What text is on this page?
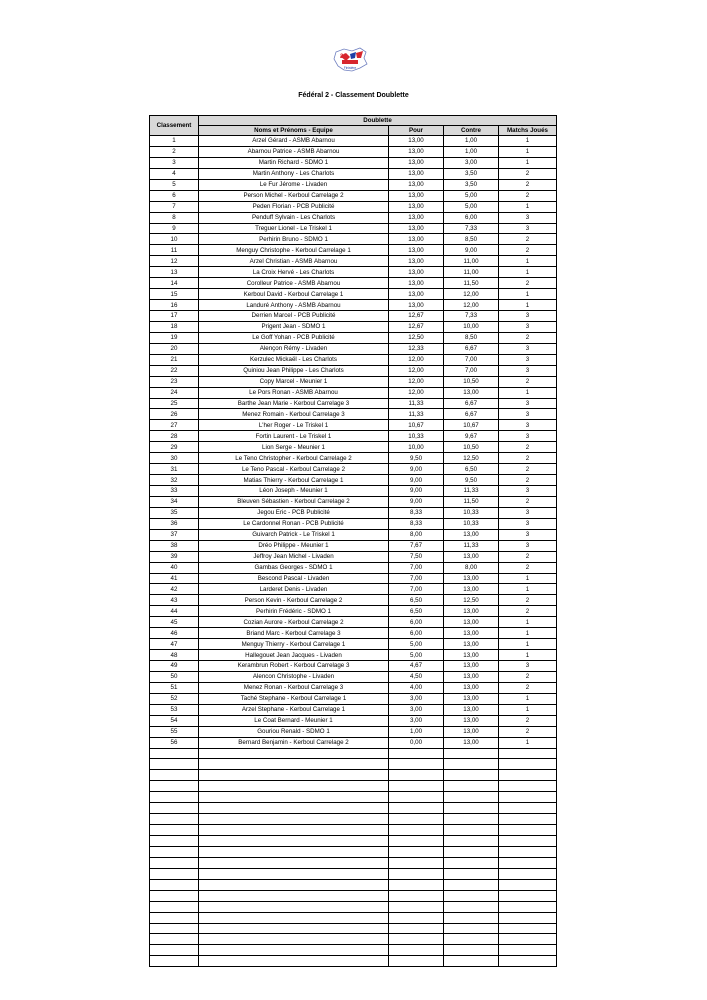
29
Finistère
Fédéral 2 - Classement Doublette
Classement	Doublette			
	Noms et Prénoms - Equipe	Pour	Contre	Matchs Joués
1	Arzel Gérard - ASMB Abarnou	13,00	1,00	1
2	Abarnou Patrice - ASMB Abarnou	13,00	1,00	1
3	Martin Richard - SDMO 1	13,00	3,00	1
4	Martin Anthony - Les Charlots	13,00	3,50	2
5	Le Fur Jérome - Livaden	13,00	3,50	2
6	Person Michel - Kerboul Carrelage 2	13,00	5,00	2
7	Peden Florian - PCB Publicité	13,00	5,00	1
8	Penduff Sylvain - Les Charlots	13,00	6,00	3
9	Treguer Lionel - Le Triskel 1	13,00	7,33	3
10	Perhirin Bruno - SDMO 1	13,00	8,50	2
11	Menguy Christophe - Kerboul Carrelage 1	13,00	9,00	2
12	Arzel Christian - ASMB Abarnou	13,00	11,00	1
13	La Croix Hervé - Les Charlots	13,00	11,00	1
14	Corolleur Patrice - ASMB Abarnou	13,00	11,50	2
15	Kerboul David - Kerboul Carrelage 1	13,00	12,00	1
16	Landuré Anthony - ASMB Abarnou	13,00	12,00	1
17	Derrien Marcel - PCB Publicité	12,67	7,33	3
18	Prigent Jean - SDMO 1	12,67	10,00	3
19	Le Goff Yohan - PCB Publicité	12,50	8,50	2
20	Alençon Rémy - Livaden	12,33	6,67	3
21	Kerzulec Mickaël - Les Charlots	12,00	7,00	3
22	Quiniou Jean Philippe - Les Charlots	12,00	7,00	3
23	Copy Marcel - Meunier 1	12,00	10,50	2
24	Le Pors Ronan - ASMB Abarnou	12,00	13,00	1
25	Barthe Jean Marie - Kerboul Carrelage 3	11,33	6,67	3
26	Menez Romain - Kerboul Carrelage 3	11,33	6,67	3
27	L'her Roger - Le Triskel 1	10,67	10,67	3
28	Fortin Laurent - Le Triskel 1	10,33	9,67	3
29	Lion Serge - Meunier 1	10,00	10,50	2
30	Le Teno Christopher - Kerboul Carrelage 2	9,50	12,50	2
31	Le Teno Pascal - Kerboul Carrelage 2	9,00	6,50	2
32	Matias Thierry - Kerboul Carrelage 1	9,00	9,50	2
33	Léon Joseph - Meunier 1	9,00	11,33	3
34	Bleuven Sébastien - Kerboul Carrelage 2	9,00	11,50	2
35	Jegou Eric - PCB Publicité	8,33	10,33	3
36	Le Cardonnel Ronan - PCB Publicité	8,33	10,33	3
37	Guivarch Patrick - Le Triskel 1	8,00	13,00	3
38	Dréo Philippe - Meunier 1	7,67	11,33	3
39	Jeffroy Jean Michel - Livaden	7,50	13,00	2
40	Gambas Georges - SDMO 1	7,00	8,00	2
41	Bescond Pascal - Livaden	7,00	13,00	1
42	Larderet Denis - Livaden	7,00	13,00	1
43	Person Kevin - Kerboul Carrelage 2	6,50	12,50	2
44	Perhirin Frédéric - SDMO 1	6,50	13,00	2
45	Cozian Aurore - Kerboul Carrelage 2	6,00	13,00	1
46	Briand Marc - Kerboul Carrelage 3	6,00	13,00	1
47	Menguy Thierry - Kerboul Carrelage 1	5,00	13,00	1
48	Hallegouet Jean Jacques - Livaden	5,00	13,00	1
49	Kerambrun Robert - Kerboul Carrelage 3	4,67	13,00	3
50	Alencon Christophe - Livaden	4,50	13,00	2
51	Menez Ronan - Kerboul Carrelage 3	4,00	13,00	2
52	Taché Stephane - Kerboul Carrelage 1	3,00	13,00	1
53	Arzel Stephane - Kerboul Carrelage 1	3,00	13,00	1
54	Le Coat Bernard - Meunier 1	3,00	13,00	2
55	Gouriou Renald - SDMO 1	1,00	13,00	2
56	Bernard Benjamin - Kerboul Carrelage 2	0,00	13,00	1
